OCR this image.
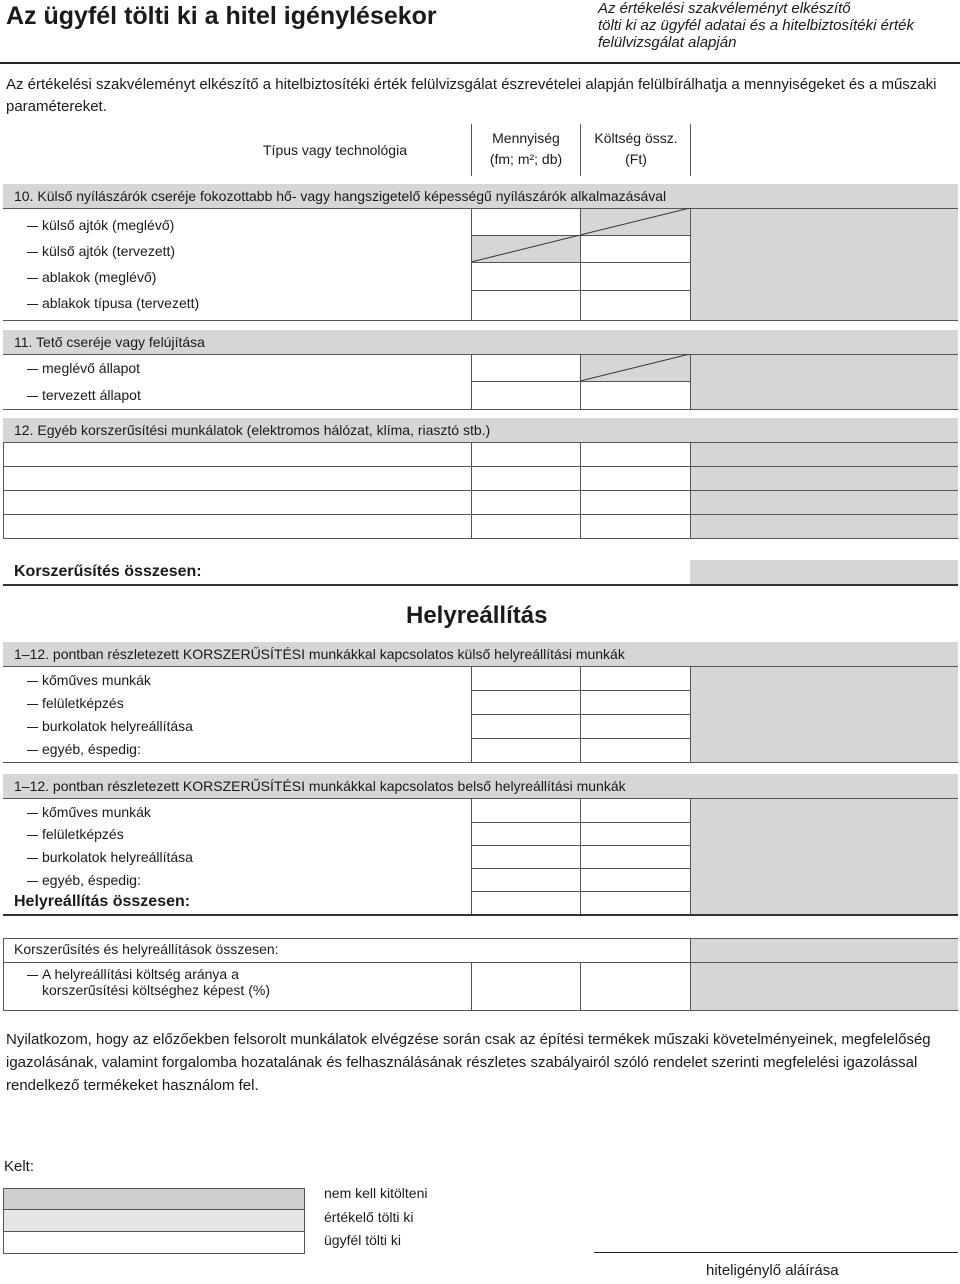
Az ügyfél tölti ki a hitel igénylésekor	Az értékelési szakvéleményt elkészítő
tölti ki az ügyfél adatai és a hitelbiztosítéki érték
felülvizsgálat alapján
Az értékelési szakvéleményt elkészítő a hitelbiztosítéki érték felülvizsgálat észrevételei alapján felülbírálhatja a mennyiségeket és a műszaki paramétereket.
Típus vagy technológia
Mennyiség
(fm; m²; db)
Költség össz.
(Ft)
10. Külső nyílászárók cseréje fokozottabb hő- vagy hangszigetelő képességű nyílászárók alkalmazásával
külső ajtók (meglévő)
külső ajtók (tervezett)
ablakok (meglévő)
ablakok típusa (tervezett)
11. Tető cseréje vagy felújítása
meglévő állapot
tervezett állapot
12. Egyéb korszerűsítési munkálatok (elektromos hálózat, klíma, riasztó stb.)
Korszerűsítés összesen:
Helyreállítás
1–12. pontban részletezett KORSZERŰSÍTÉSI munkákkal kapcsolatos külső helyreállítási munkák
kőműves munkák
felületképzés
burkolatok helyreállítása
egyéb, éspedig:
1–12. pontban részletezett KORSZERŰSÍTÉSI munkákkal kapcsolatos belső helyreállítási munkák
kőműves munkák
felületképzés
burkolatok helyreállítása
egyéb, éspedig:
Helyreállítás összesen:
Korszerűsítés és helyreállítások összesen:
A helyreállítási költség aránya a
korszerűsítési költséghez képest (%)
Nyilatkozom, hogy az előzőekben felsorolt munkálatok elvégzése során csak az építési termékek műszaki követelményeinek, megfelelőség igazolásának, valamint forgalomba hozatalának és felhasználásának részletes szabályairól szóló rendelet szerinti megfelelési igazolással rendelkező termékeket használom fel.
Kelt:
nem kell kitölteni
értékelő tölti ki
ügyfél tölti ki
hiteligénylő aláírása
